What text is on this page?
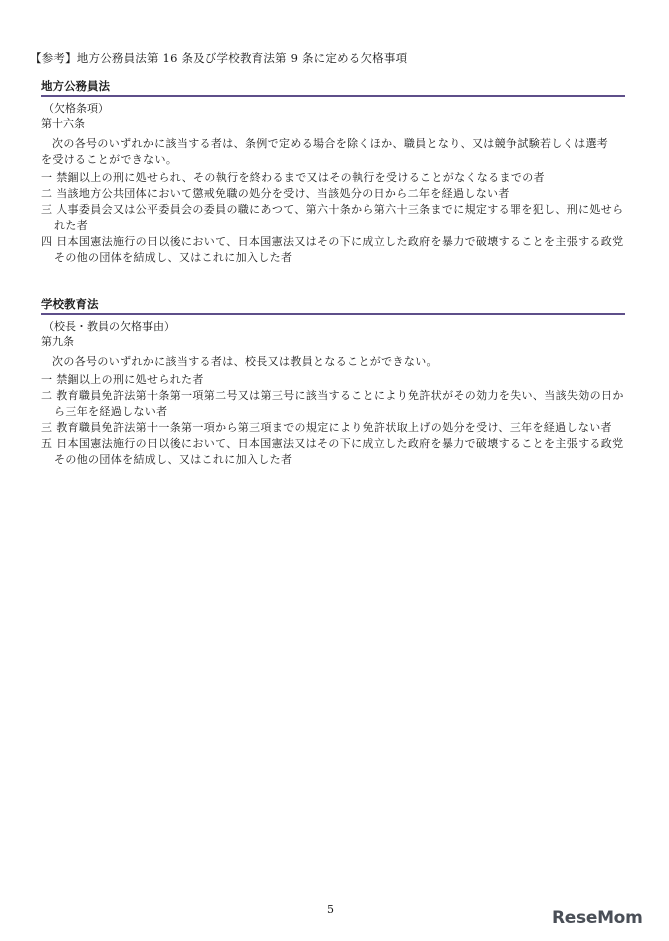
【参考】地方公務員法第 16 条及び学校教育法第 9 条に定める欠格事項
地方公務員法
（欠格条項）
第十六条
次の各号のいずれかに該当する者は、条例で定める場合を除くほか、職員となり、又は競争試験若しくは選考を受けることができない。
一 禁錮以上の刑に処せられ、その執行を終わるまで又はその執行を受けることがなくなるまでの者
二 当該地方公共団体において懲戒免職の処分を受け、当該処分の日から二年を経過しない者
三 人事委員会又は公平委員会の委員の職にあつて、第六十条から第六十三条までに規定する罪を犯し、刑に処せられた者
四 日本国憲法施行の日以後において、日本国憲法又はその下に成立した政府を暴力で破壊することを主張する政党その他の団体を結成し、又はこれに加入した者
学校教育法
（校長・教員の欠格事由）
第九条
次の各号のいずれかに該当する者は、校長又は教員となることができない。
一 禁錮以上の刑に処せられた者
二 教育職員免許法第十条第一項第二号又は第三号に該当することにより免許状がその効力を失い、当該失効の日から三年を経過しない者
三 教育職員免許法第十一条第一項から第三項までの規定により免許状取上げの処分を受け、三年を経過しない者
五 日本国憲法施行の日以後において、日本国憲法又はその下に成立した政府を暴力で破壊することを主張する政党その他の団体を結成し、又はこれに加入した者
5	ReseMom
